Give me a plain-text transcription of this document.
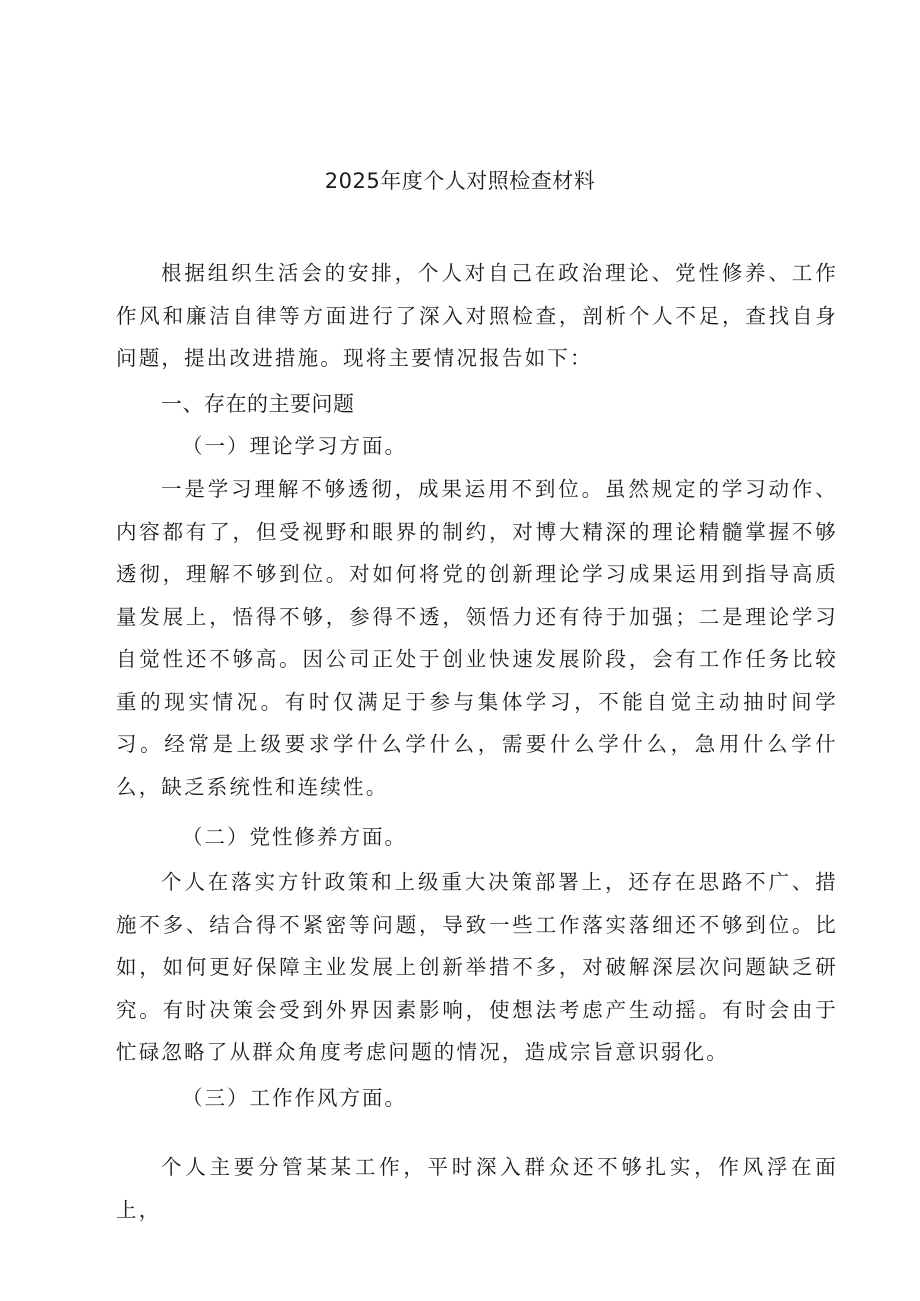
2025年度个人对照检查材料
根据组织生活会的安排，个人对自己在政治理论、党性修养、工作作风和廉洁自律等方面进行了深入对照检查，剖析个人不足，查找自身问题，提出改进措施。现将主要情况报告如下：
一、存在的主要问题
（一）理论学习方面。
一是学习理解不够透彻，成果运用不到位。虽然规定的学习动作、内容都有了，但受视野和眼界的制约，对博大精深的理论精髓掌握不够透彻，理解不够到位。对如何将党的创新理论学习成果运用到指导高质量发展上，悟得不够，参得不透，领悟力还有待于加强；二是理论学习自觉性还不够高。因公司正处于创业快速发展阶段，会有工作任务比较重的现实情况。有时仅满足于参与集体学习，不能自觉主动抽时间学习。经常是上级要求学什么学什么，需要什么学什么，急用什么学什么，缺乏系统性和连续性。
（二）党性修养方面。
个人在落实方针政策和上级重大决策部署上，还存在思路不广、措施不多、结合得不紧密等问题，导致一些工作落实落细还不够到位。比如，如何更好保障主业发展上创新举措不多，对破解深层次问题缺乏研究。有时决策会受到外界因素影响，使想法考虑产生动摇。有时会由于忙碌忽略了从群众角度考虑问题的情况，造成宗旨意识弱化。
（三）工作作风方面。
个人主要分管某某工作，平时深入群众还不够扎实，作风浮在面上，
